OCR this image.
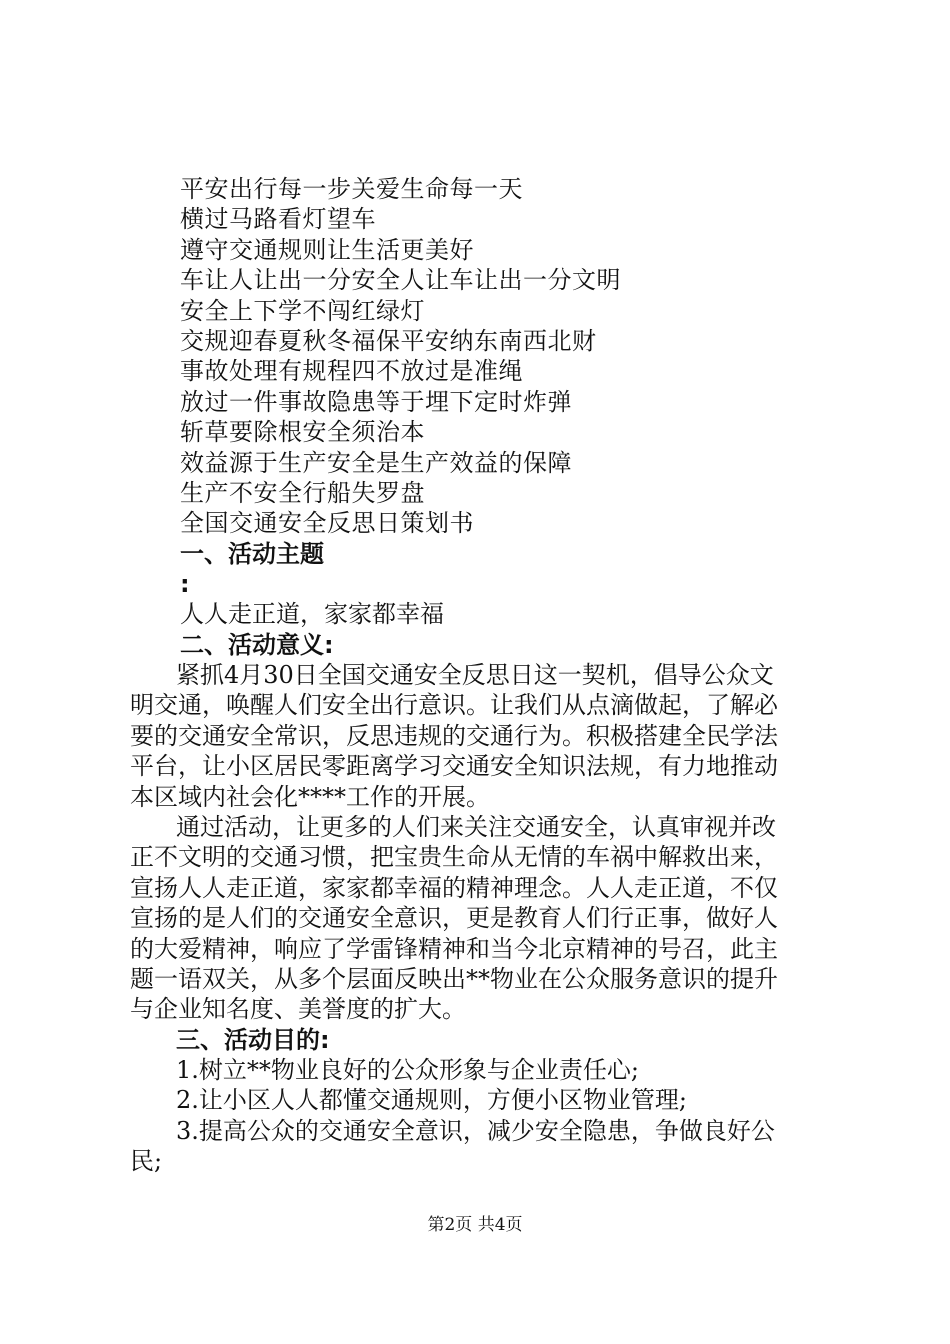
平安出行每一步关爱生命每一天
横过马路看灯望车
遵守交通规则让生活更美好
车让人让出一分安全人让车让出一分文明
安全上下学不闯红绿灯
交规迎春夏秋冬福保平安纳东南西北财
事故处理有规程四不放过是准绳
放过一件事故隐患等于埋下定时炸弹
斩草要除根安全须治本
效益源于生产安全是生产效益的保障
生产不安全行船失罗盘
全国交通安全反思日策划书
一、活动主题
:
人人走正道，家家都幸福
二、活动意义:
紧抓4月30日全国交通安全反思日这一契机，倡导公众文
明交通，唤醒人们安全出行意识。让我们从点滴做起，了解必
要的交通安全常识，反思违规的交通行为。积极搭建全民学法
平台，让小区居民零距离学习交通安全知识法规，有力地推动
本区域内社会化****工作的开展。
通过活动，让更多的人们来关注交通安全，认真审视并改
正不文明的交通习惯，把宝贵生命从无情的车祸中解救出来，
宣扬人人走正道，家家都幸福的精神理念。人人走正道，不仅
宣扬的是人们的交通安全意识，更是教育人们行正事，做好人
的大爱精神，响应了学雷锋精神和当今北京精神的号召，此主
题一语双关，从多个层面反映出**物业在公众服务意识的提升
与企业知名度、美誉度的扩大。
三、活动目的:
1.树立**物业良好的公众形象与企业责任心;
2.让小区人人都懂交通规则，方便小区物业管理;
3.提高公众的交通安全意识，减少安全隐患，争做良好公
民;
第2页 共4页
